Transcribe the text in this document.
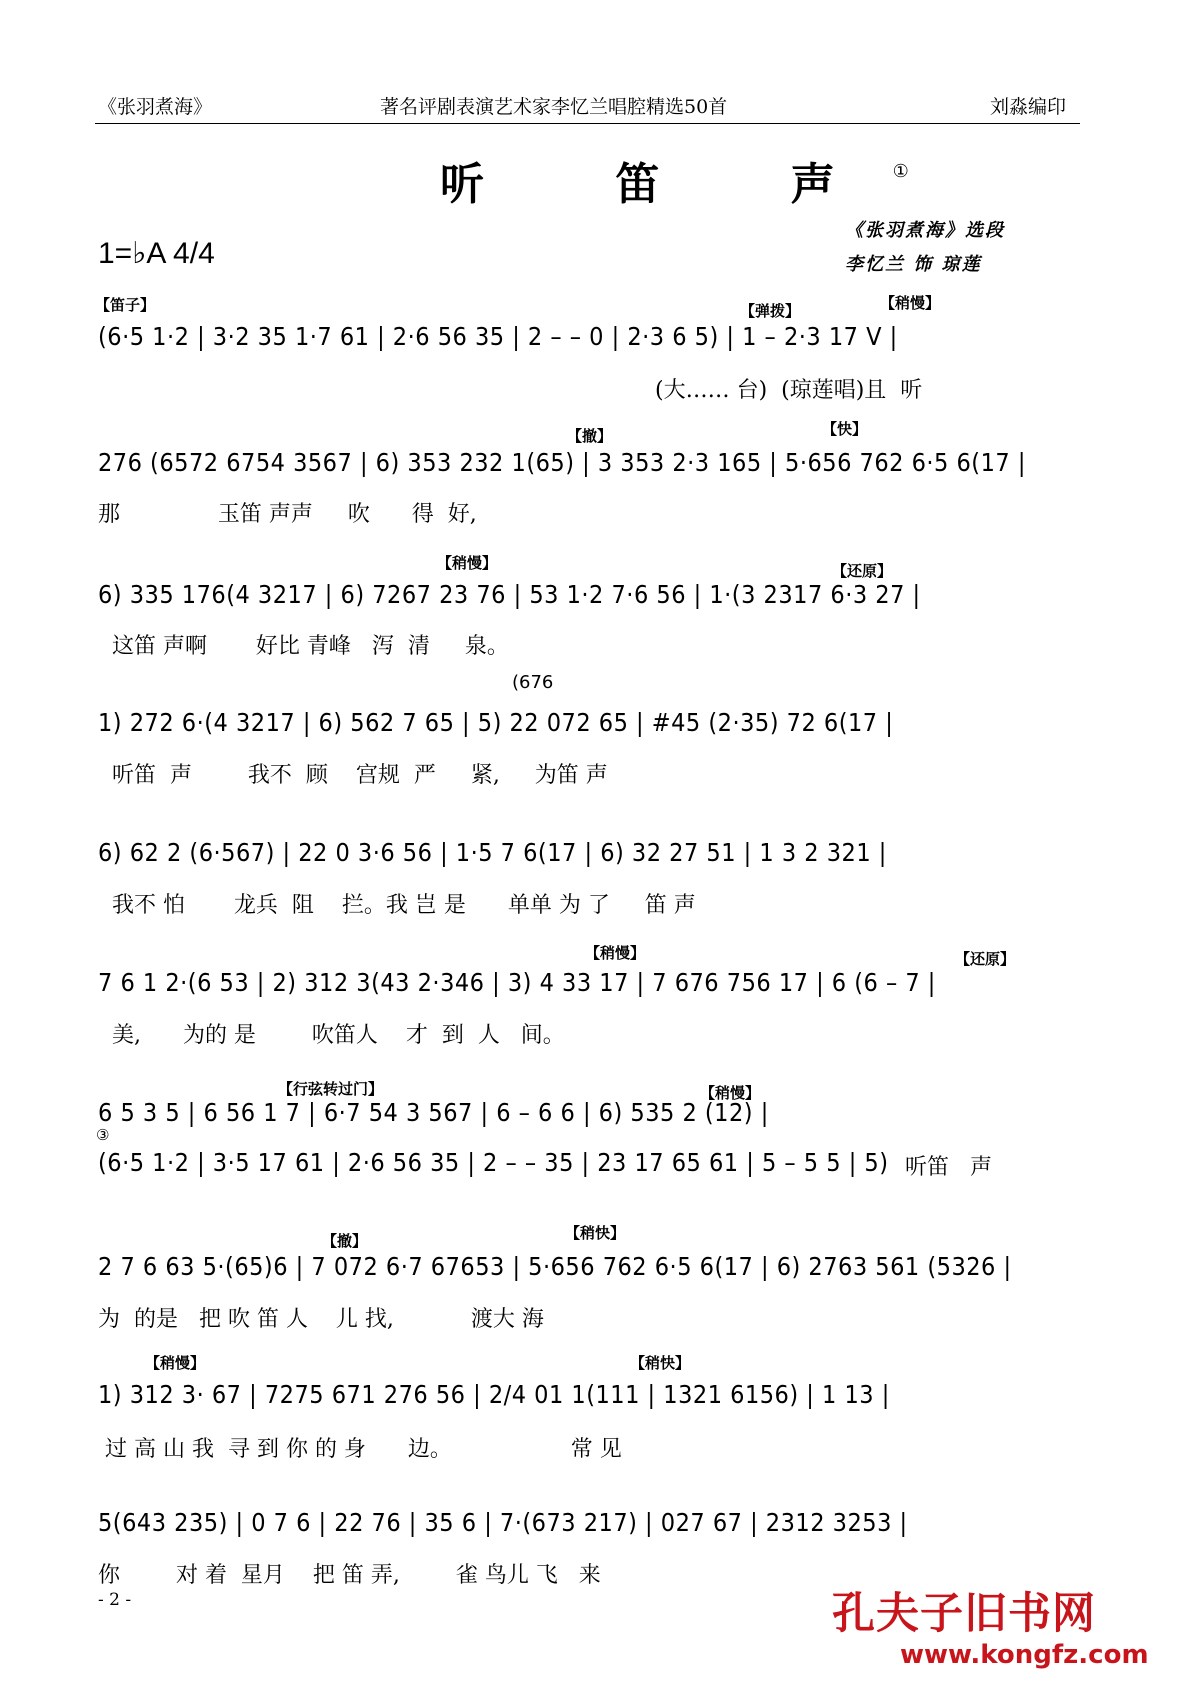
《张羽煮海》	著名评剧表演艺术家李忆兰唱腔精选50首	刘淼编印
听 笛 声①
1=♭A 4/4
《张羽煮海》选段
李忆兰 饰 琼莲
【笛子】	【弹拨】	【稍慢】
(6·5 1·2 | 3·2 35 1·7 61 | 2·6 56 35 | 2 – – 0 | 2·3 6 5) | 1 – 2·3 17 V |
(大…… 台)  (琼莲唱)且  听
【撤】	【快】
276 (6572 6754 3567 | 6) 353 232 1(65) | 3 353 2·3 165 | 5·656 762 6·5 6(17 |
那              玉笛 声声     吹      得  好,
【稍慢】	【还原】
6) 335 176(4 3217 | 6) 7267 23 76 | 53 1·2 7·6 56 | 1·(3 2317 6·3 27 |
这笛 声啊       好比 青峰   泻  清     泉。
(676
1) 272 6·(4 3217 | 6) 562 7 65 | 5) 22 072 65 | #45 (2·35) 72 6(17 |
听笛  声        我不  顾    宫规  严     紧,     为笛 声
6) 62 2 (6·567) | 22 0 3·6 56 | 1·5 7 6(17 | 6) 32 27 51 | 1 3 2 321 |
我不 怕       龙兵  阻    拦。我 岂 是      单单 为 了     笛 声
【稍慢】	【还原】
7 6 1 2·(6 53 | 2) 312 3(43 2·346 | 3) 4 33 17 | 7 676 756 17 | 6 (6 – 7 |
美,      为的 是        吹笛人    才  到  人   间。
【行弦转过门】	【稍慢】
6 5 3 5 | 6 56 1 7 | 6·7 54 3 567 | 6 – 6 6 | 6) 535 2 (12) |
③
(6·5 1·2 | 3·5 17 61 | 2·6 56 35 | 2 – – 35 | 23 17 65 61 | 5 – 5 5 | 5) 听笛   声
【撤】	【稍快】
2 7 6 63 5·(65)6 | 7 072 6·7 67653 | 5·656 762 6·5 6(17 | 6) 2763 561 (5326 |
为  的是   把 吹 笛 人    儿 找,           渡大 海
【稍慢】	【稍快】
1) 312 3· 67 | 7275 671 276 56 | 2/4 01 1(111 | 1321 6156) | 1 13 |
过 高 山 我  寻 到 你 的 身      边。                 常 见
5(643 235) | 0 7 6 | 22 76 | 35 6 | 7·(673 217) | 027 67 | 2312 3253 |
你        对 着  星月    把 笛 弄,        雀 鸟儿 飞   来
- 2 -	孔夫子旧书网
www.kongfz.com
